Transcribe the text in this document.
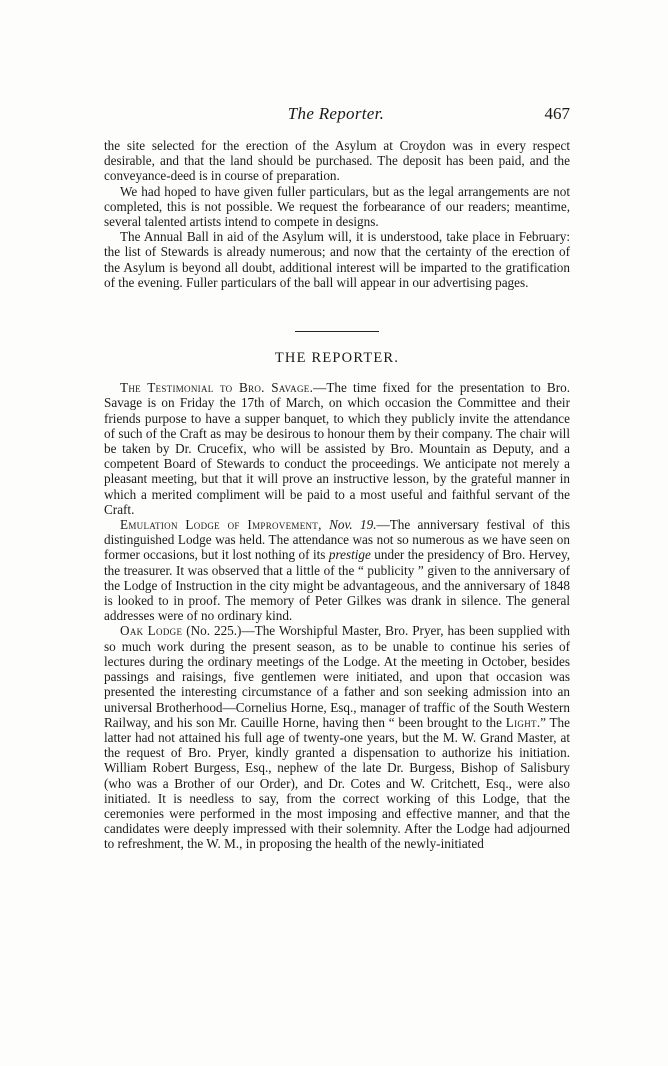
The Reporter.	467

the site selected for the erection of the Asylum at Croydon was in every respect desirable, and that the land should be purchased. The deposit has been paid, and the conveyance-deed is in course of preparation.

We had hoped to have given fuller particulars, but as the legal arrangements are not completed, this is not possible. We request the forbearance of our readers; meantime, several talented artists intend to compete in designs.

The Annual Ball in aid of the Asylum will, it is understood, take place in February: the list of Stewards is already numerous; and now that the certainty of the erection of the Asylum is beyond all doubt, additional interest will be imparted to the gratification of the evening. Fuller particulars of the ball will appear in our advertising pages.

THE REPORTER.

The Testimonial to Bro. Savage.—The time fixed for the presentation to Bro. Savage is on Friday the 17th of March, on which occasion the Committee and their friends purpose to have a supper banquet, to which they publicly invite the attendance of such of the Craft as may be desirous to honour them by their company. The chair will be taken by Dr. Crucefix, who will be assisted by Bro. Mountain as Deputy, and a competent Board of Stewards to conduct the proceedings. We anticipate not merely a pleasant meeting, but that it will prove an instructive lesson, by the grateful manner in which a merited compliment will be paid to a most useful and faithful servant of the Craft.

Emulation Lodge of Improvement, Nov. 19.—The anniversary festival of this distinguished Lodge was held. The attendance was not so numerous as we have seen on former occasions, but it lost nothing of its prestige under the presidency of Bro. Hervey, the treasurer. It was observed that a little of the “ publicity ” given to the anniversary of the Lodge of Instruction in the city might be advantageous, and the anniversary of 1848 is looked to in proof. The memory of Peter Gilkes was drank in silence. The general addresses were of no ordinary kind.

Oak Lodge (No. 225.)—The Worshipful Master, Bro. Pryer, has been supplied with so much work during the present season, as to be unable to continue his series of lectures during the ordinary meetings of the Lodge. At the meeting in October, besides passings and raisings, five gentlemen were initiated, and upon that occasion was presented the interesting circumstance of a father and son seeking admission into an universal Brotherhood—Cornelius Horne, Esq., manager of traffic of the South Western Railway, and his son Mr. Cauille Horne, having then “ been brought to the Light.” The latter had not attained his full age of twenty-one years, but the M. W. Grand Master, at the request of Bro. Pryer, kindly granted a dispensation to authorize his initiation. William Robert Burgess, Esq., nephew of the late Dr. Burgess, Bishop of Salisbury (who was a Brother of our Order), and Dr. Cotes and W. Critchett, Esq., were also initiated. It is needless to say, from the correct working of this Lodge, that the ceremonies were performed in the most imposing and effective manner, and that the candidates were deeply impressed with their solemnity. After the Lodge had adjourned to refreshment, the W. M., in proposing the health of the newly-initiated
